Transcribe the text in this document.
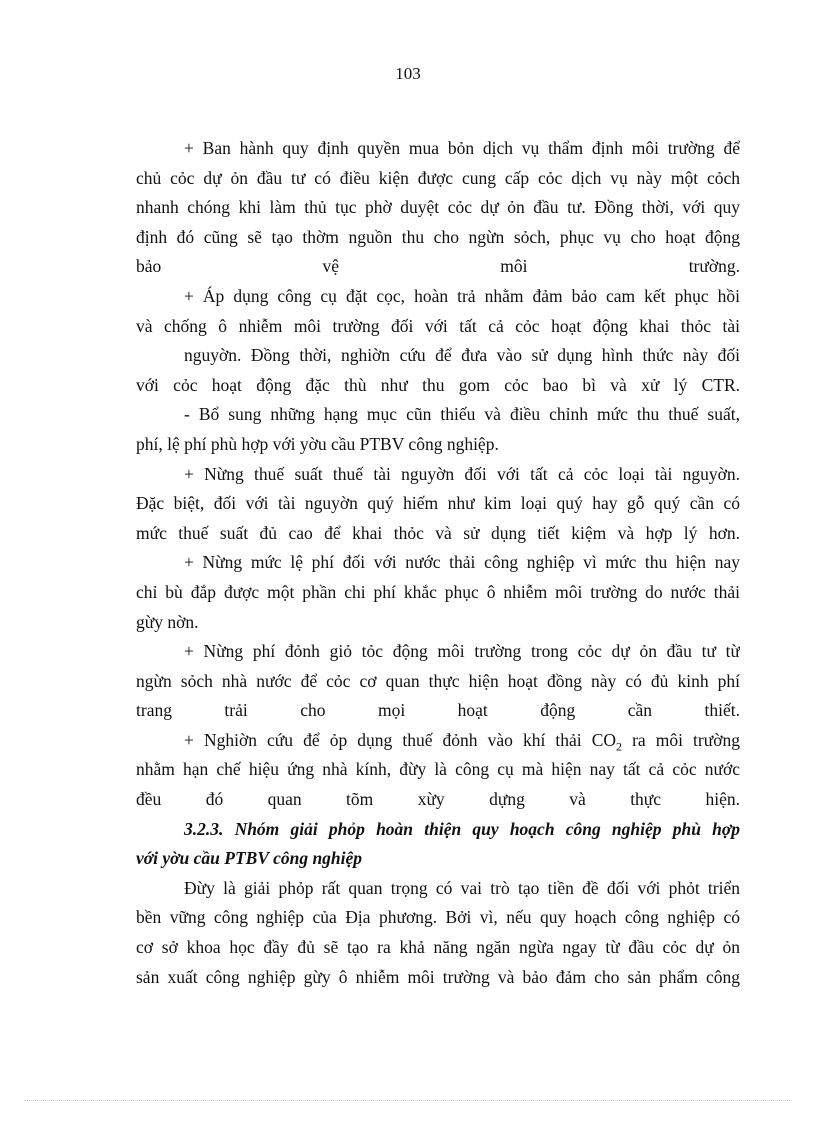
103
+ Ban hành quy định quyền mua bỏn dịch vụ thẩm định môi trường để
chủ cỏc dự ỏn đầu tư có điều kiện được cung cấp cỏc dịch vụ này một cỏch
nhanh chóng khi làm thủ tục phờ duyệt cỏc dự ỏn đầu tư. Đồng thời, với quy
định đó cũng sẽ tạo thờm nguồn thu cho ngừn sỏch, phục vụ cho hoạt động
bảo vệ môi trường.
+ Áp dụng công cụ đặt cọc, hoàn trả nhằm đảm bảo cam kết phục hồi
và chống ô nhiễm môi trường đối với tất cả cỏc hoạt động khai thỏc tài
nguyờn. Đồng thời, nghiờn cứu để đưa vào sử dụng hình thức này đối
với cỏc hoạt động đặc thù như thu gom cỏc bao bì và xử lý CTR.
- Bổ sung những hạng mục cũn thiếu và điều chỉnh mức thu thuế suất,
phí, lệ phí phù hợp với yờu cầu PTBV công nghiệp.
+ Nừng thuế suất thuế tài nguyờn đối với tất cả cỏc loại tài nguyờn.
Đặc biệt, đối với tài nguyờn quý hiếm như kim loại quý hay gỗ quý cần có
mức thuế suất đủ cao để khai thỏc và sử dụng tiết kiệm và hợp lý hơn.
+ Nừng mức lệ phí đối với nước thải công nghiệp vì mức thu hiện nay
chỉ bù đắp được một phần chi phí khắc phục ô nhiễm môi trường do nước thải
gừy nờn.
+ Nừng phí đỏnh giỏ tỏc động môi trường trong cỏc dự ỏn đầu tư từ
ngừn sỏch nhà nước để cỏc cơ quan thực hiện hoạt đồng này có đủ kinh phí
trang trải cho mọi hoạt động cần thiết.
+ Nghiờn cứu để ỏp dụng thuế đỏnh vào khí thải $CO_2$ ra môi trường
nhằm hạn chế hiệu ứng nhà kính, đừy là công cụ mà hiện nay tất cả cỏc nước
đều đó quan tõm xừy dựng và thực hiện.
3.2.3. Nhóm giải phỏp hoàn thiện quy hoạch công nghiệp phù hợp
với yờu cầu PTBV công nghiệp
Đừy là giải phỏp rất quan trọng có vai trò tạo tiền đề đối với phỏt triển
bền vững công nghiệp của Địa phương. Bởi vì, nếu quy hoạch công nghiệp có
cơ sở khoa học đầy đủ sẽ tạo ra khả năng ngăn ngừa ngay từ đầu cỏc dự ỏn
sản xuất công nghiệp gừy ô nhiễm môi trường và bảo đảm cho sản phẩm công
